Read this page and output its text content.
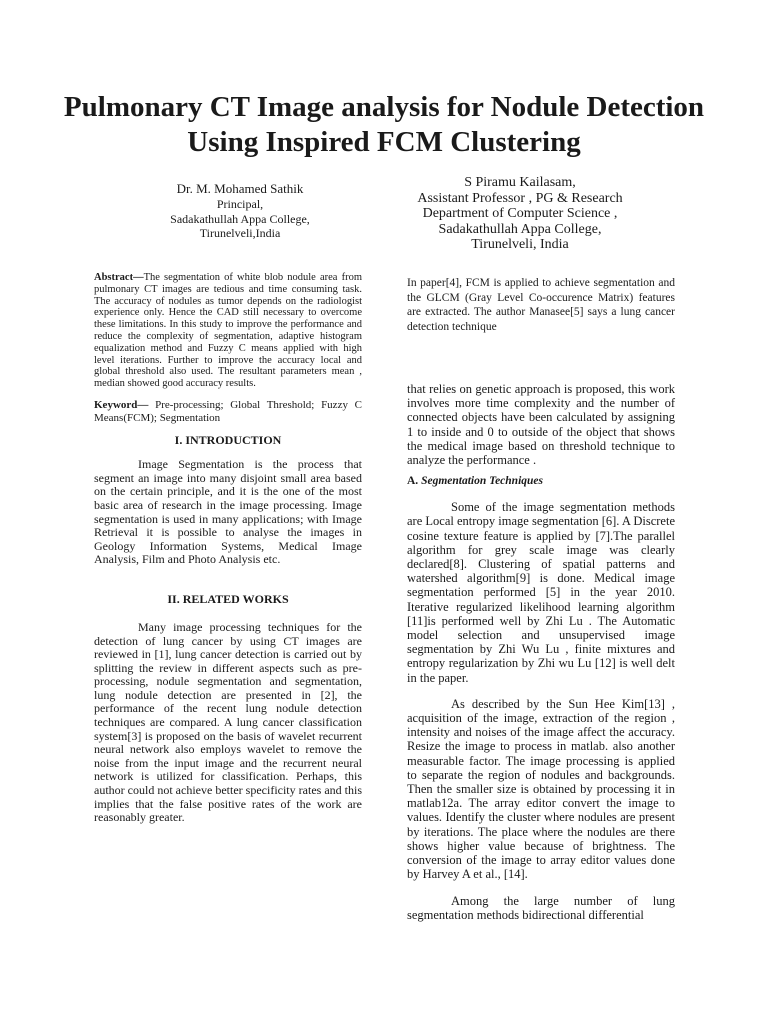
Pulmonary CT Image analysis for Nodule Detection Using Inspired FCM Clustering
Dr. M. Mohamed Sathik
Principal,
Sadakathullah Appa College,
Tirunelveli,India
S Piramu Kailasam,
Assistant Professor , PG & Research
Department of Computer Science ,
Sadakathullah Appa College,
Tirunelveli, India

Abstract—The segmentation of white blob nodule area from pulmonary CT images are tedious and time consuming task. The accuracy of nodules as tumor depends on the radiologist experience only. Hence the CAD still necessary to overcome these limitations. In this study to improve the performance and reduce the complexity of segmentation, adaptive histogram equalization method and Fuzzy C means applied with high level iterations. Further to improve the accuracy local and global threshold also used. The resultant parameters mean , median showed good accuracy results.

Keyword— Pre-processing; Global Threshold; Fuzzy C Means(FCM); Segmentation

I. INTRODUCTION

Image Segmentation is the process that segment an image into many disjoint small area based on the certain principle, and it is the one of the most basic area of research in the image processing. Image segmentation is used in many applications; with Image Retrieval it is possible to analyse the images in Geology Information Systems, Medical Image Analysis, Film and Photo Analysis etc.

II. RELATED WORKS

Many image processing techniques for the detection of lung cancer by using CT images are reviewed in [1], lung cancer detection is carried out by splitting the review in different aspects such as pre-processing, nodule segmentation and segmentation, lung nodule detection are presented in [2], the performance of the recent lung nodule detection techniques are compared. A lung cancer classification system[3] is proposed on the basis of wavelet recurrent neural network also employs wavelet to remove the noise from the input image and the recurrent neural network is utilized for classification. Perhaps, this author could not achieve better specificity rates and this implies that the false positive rates of the work are reasonably greater.

In paper[4], FCM is applied to achieve segmentation and the GLCM (Gray Level Co-occurence Matrix) features are extracted. The author Manasee[5] says a lung cancer detection technique

that relies on genetic approach is proposed, this work involves more time complexity and the number of connected objects have been calculated by assigning 1 to inside and 0 to outside of the object that shows the medical image based on threshold technique to analyze the performance .

A. Segmentation Techniques

Some of the image segmentation methods are Local entropy image segmentation [6]. A Discrete cosine texture feature is applied by [7].The parallel algorithm for grey scale image was clearly declared[8]. Clustering of spatial patterns and watershed algorithm[9] is done. Medical image segmentation performed [5] in the year 2010. Iterative regularized likelihood learning algorithm [11]is performed well by Zhi Lu . The Automatic model selection and unsupervised image segmentation by Zhi Wu Lu , finite mixtures and entropy regularization by Zhi wu Lu [12] is well delt in the paper.

As described by the Sun Hee Kim[13] , acquisition of the image, extraction of the region , intensity and noises of the image affect the accuracy. Resize the image to process in matlab. also another measurable factor. The image processing is applied to separate the region of nodules and backgrounds. Then the smaller size is obtained by processing it in matlab12a. The array editor convert the image to values. Identify the cluster where nodules are present by iterations. The place where the nodules are there shows higher value because of brightness. The conversion of the image to array editor values done by Harvey A et al., [14].

Among the large number of lung segmentation methods bidirectional differential
